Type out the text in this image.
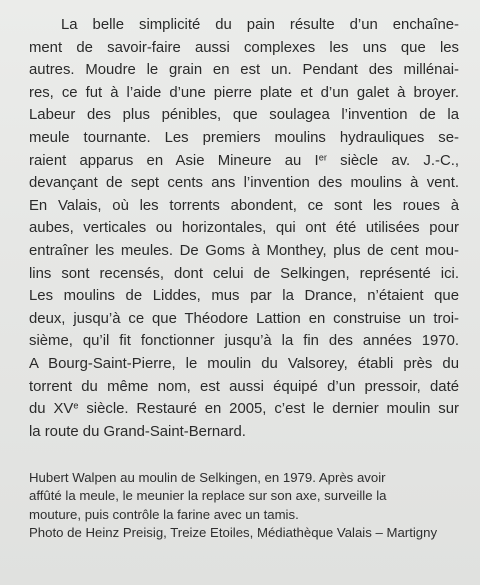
La belle simplicité du pain résulte d’un enchaîne-
ment de savoir-faire aussi complexes les uns que les
autres. Moudre le grain en est un. Pendant des millénai-
res, ce fut à l’aide d’une pierre plate et d’un galet à broyer.
Labeur des plus pénibles, que soulagea l’invention de la
meule tournante. Les premiers moulins hydrauliques se-
raient apparus en Asie Mineure au Ier siècle av. J.-C.,
devançant de sept cents ans l’invention des moulins à vent.
En Valais, où les torrents abondent, ce sont les roues à
aubes, verticales ou horizontales, qui ont été utilisées pour
entraîner les meules. De Goms à Monthey, plus de cent mou-
lins sont recensés, dont celui de Selkingen, représenté ici.
Les moulins de Liddes, mus par la Drance, n’étaient que
deux, jusqu’à ce que Théodore Lattion en construise un troi-
sième, qu’il fit fonctionner jusqu’à la fin des années 1970.
A Bourg-Saint-Pierre, le moulin du Valsorey, établi près du
torrent du même nom, est aussi équipé d’un pressoir, daté
du XVe siècle. Restauré en 2005, c’est le dernier moulin sur
la route du Grand-Saint-Bernard.
Hubert Walpen au moulin de Selkingen, en 1979. Après avoir
affûté la meule, le meunier la replace sur son axe, surveille la
mouture, puis contrôle la farine avec un tamis.
Photo de Heinz Preisig, Treize Etoiles, Médiathèque Valais – Martigny
